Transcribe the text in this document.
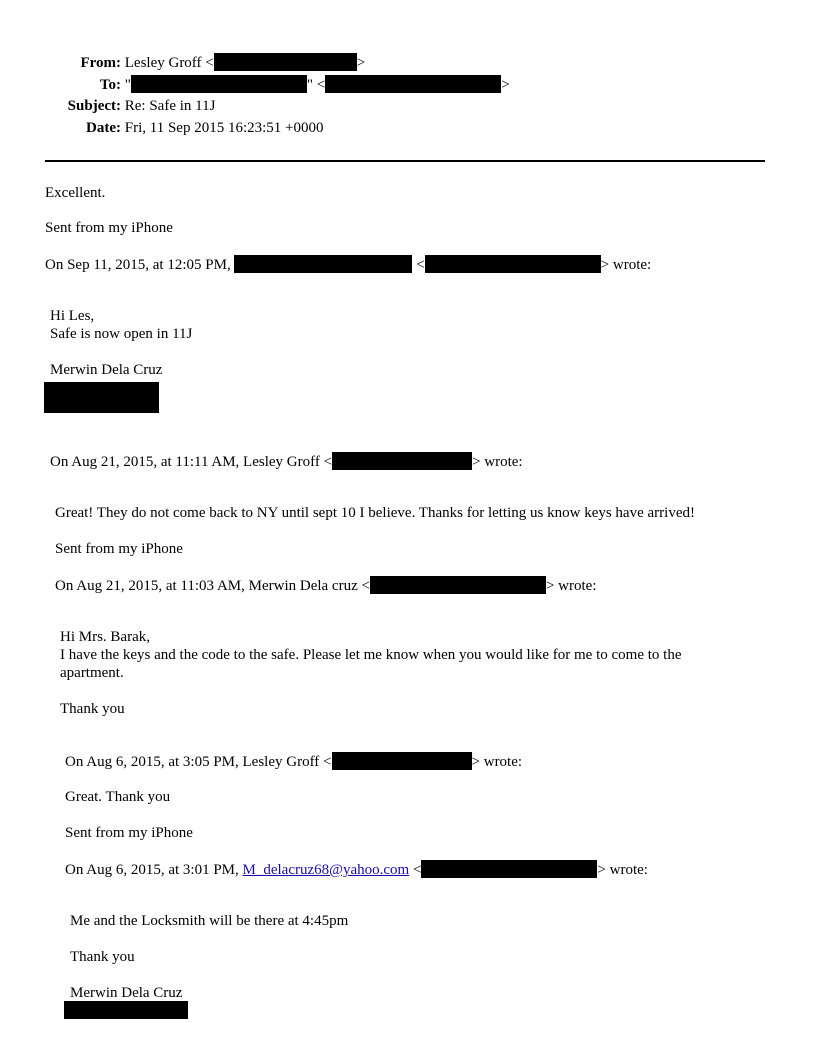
From: Lesley Groff <	>
To: "	" <	>
Subject: Re: Safe in 11J
Date: Fri, 11 Sep 2015 16:23:51 +0000
Excellent.
Sent from my iPhone
On Sep 11, 2015, at 12:05 PM,	<	> wrote:
Hi Les,
Safe is now open in 11J
Merwin Dela Cruz
On Aug 21, 2015, at 11:11 AM, Lesley Groff <	> wrote:
Great! They do not come back to NY until sept 10 I believe. Thanks for letting us know keys have arrived!
Sent from my iPhone
On Aug 21, 2015, at 11:03 AM, Merwin Dela cruz <	> wrote:
Hi Mrs. Barak,
I have the keys and the code to the safe. Please let me know when you would like for me to come to the
apartment.
Thank you
On Aug 6, 2015, at 3:05 PM, Lesley Groff <	> wrote:
Great. Thank you
Sent from my iPhone
On Aug 6, 2015, at 3:01 PM, M_delacruz68@yahoo.com <	> wrote:
Me and the Locksmith will be there at 4:45pm
Thank you
Merwin Dela Cruz
